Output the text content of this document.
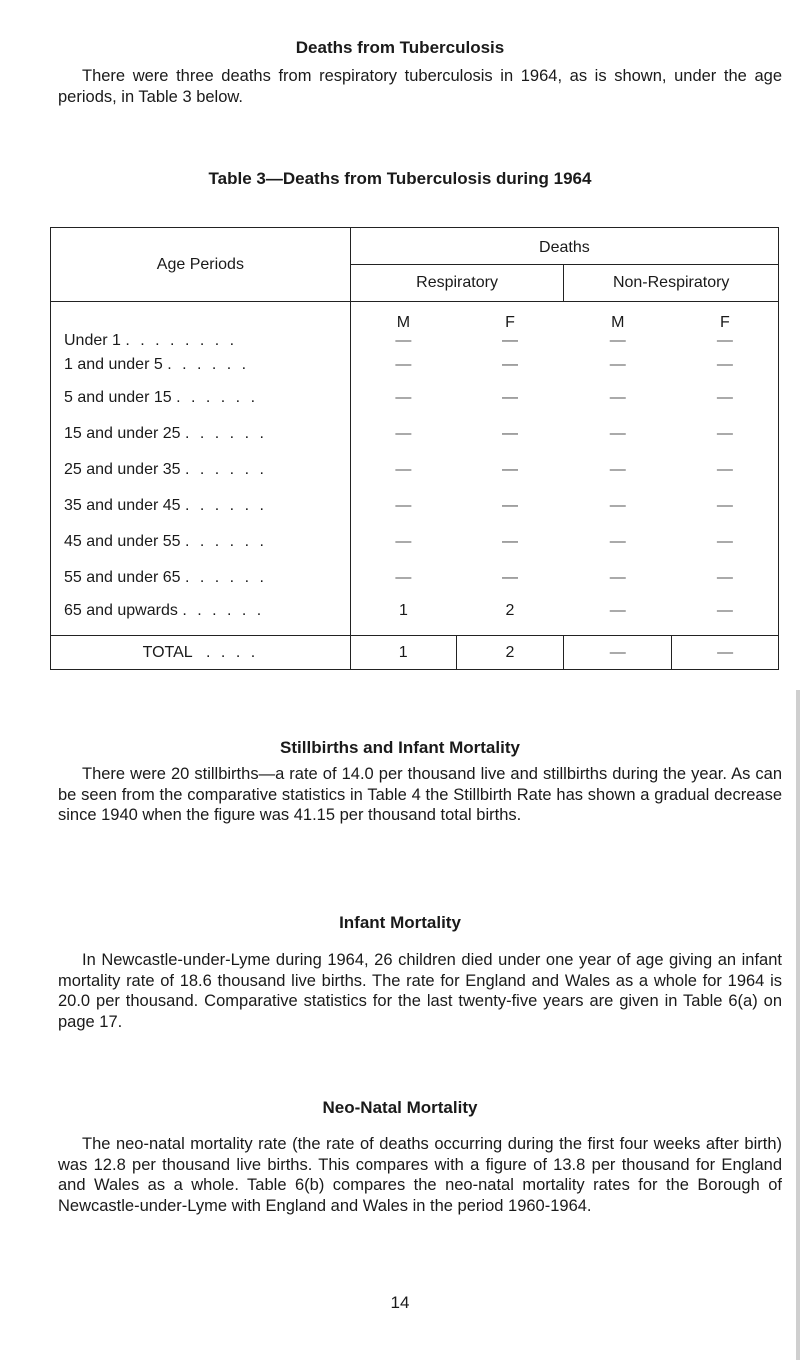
Deaths from Tuberculosis

There were three deaths from respiratory tuberculosis in 1964, as is shown, under the age periods, in Table 3 below.

Table 3—Deaths from Tuberculosis during 1964
Age Periods	Deaths			
	Respiratory		Non-Respiratory	
	M	F	M	F
Under 1 . . . . . . . .	—	—	—	—
1 and under 5 . . . . . .	—	—	—	—
5 and under 15 . . . . . .	—	—	—	—
15 and under 25 . . . . . .	—	—	—	—
25 and under 35 . . . . . .	—	—	—	—
35 and under 45 . . . . . .	—	—	—	—
45 and under 55 . . . . . .	—	—	—	—
55 and under 65 . . . . . .	—	—	—	—
65 and upwards . . . . . .	1	2	—	—
TOTAL . . . .	1	2	—	—
Stillbirths and Infant Mortality

There were 20 stillbirths—a rate of 14.0 per thousand live and stillbirths during the year. As can be seen from the comparative statistics in Table 4 the Stillbirth Rate has shown a gradual decrease since 1940 when the figure was 41.15 per thousand total births.

Infant Mortality

In Newcastle-under-Lyme during 1964, 26 children died under one year of age giving an infant mortality rate of 18.6 thousand live births. The rate for England and Wales as a whole for 1964 is 20.0 per thousand. Comparative statistics for the last twenty-five years are given in Table 6(a) on page 17.

Neo-Natal Mortality

The neo-natal mortality rate (the rate of deaths occurring during the first four weeks after birth) was 12.8 per thousand live births. This compares with a figure of 13.8 per thousand for England and Wales as a whole. Table 6(b) compares the neo-natal mortality rates for the Borough of Newcastle-under-Lyme with England and Wales in the period 1960-1964.

14
